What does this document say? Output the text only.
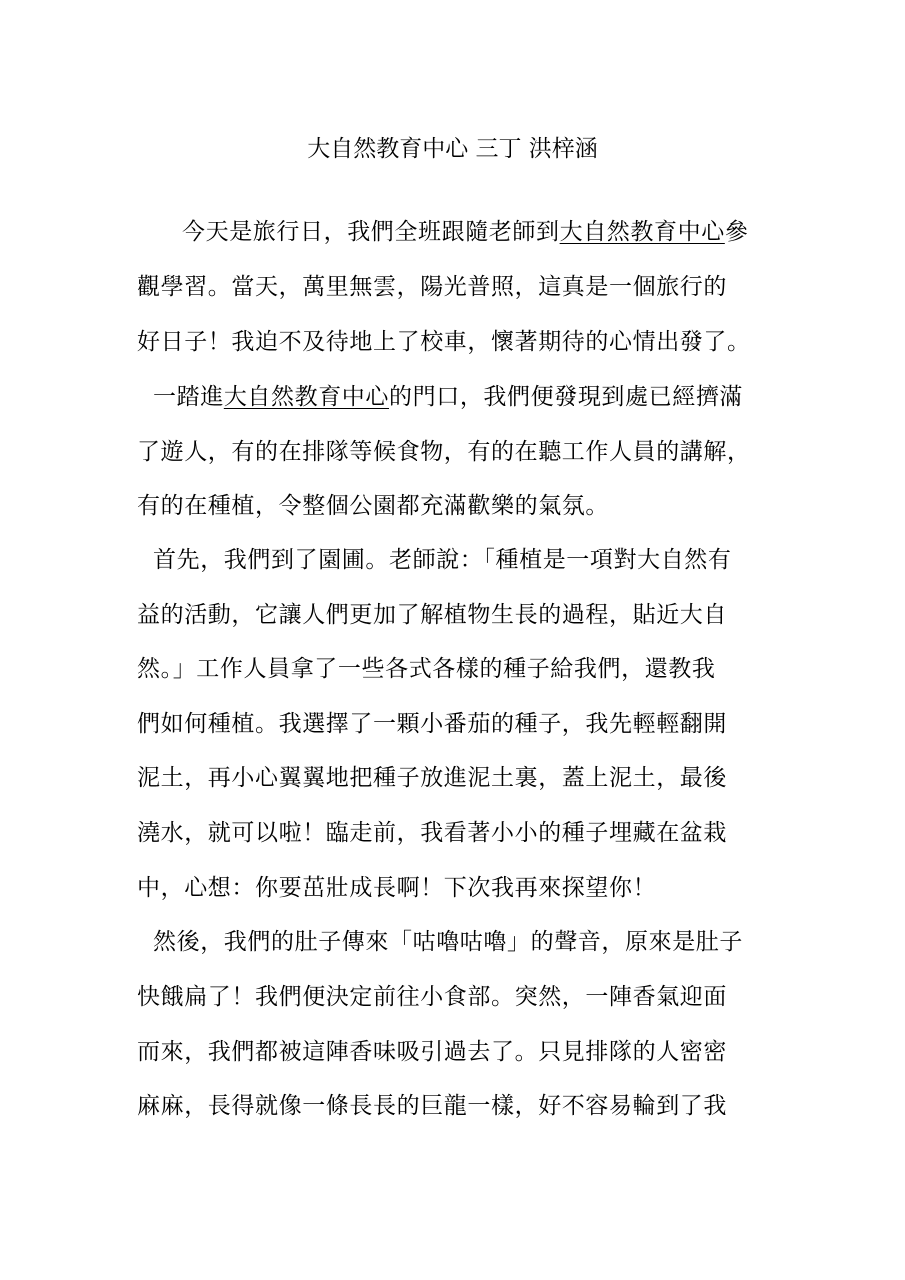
大自然教育中心 三丁 洪梓涵
今天是旅行日，我們全班跟隨老師到大自然教育中心參
觀學習。當天，萬里無雲，陽光普照，這真是一個旅行的
好日子！我迫不及待地上了校車，懷著期待的心情出發了。
一踏進大自然教育中心的門口，我們便發現到處已經擠滿
了遊人，有的在排隊等候食物，有的在聽工作人員的講解，
有的在種植，令整個公園都充滿歡樂的氣氛。
首先，我們到了園圃。老師說：「種植是一項對大自然有
益的活動，它讓人們更加了解植物生長的過程，貼近大自
然。」工作人員拿了一些各式各樣的種子給我們，還教我
們如何種植。我選擇了一顆小番茄的種子，我先輕輕翻開
泥土，再小心翼翼地把種子放進泥土裏，蓋上泥土，最後
澆水，就可以啦！臨走前，我看著小小的種子埋藏在盆栽
中，心想：你要茁壯成長啊！下次我再來探望你！
然後，我們的肚子傳來「咕嚕咕嚕」的聲音，原來是肚子
快餓扁了！我們便決定前往小食部。突然，一陣香氣迎面
而來，我們都被這陣香味吸引過去了。只見排隊的人密密
麻麻，長得就像一條長長的巨龍一樣，好不容易輪到了我
